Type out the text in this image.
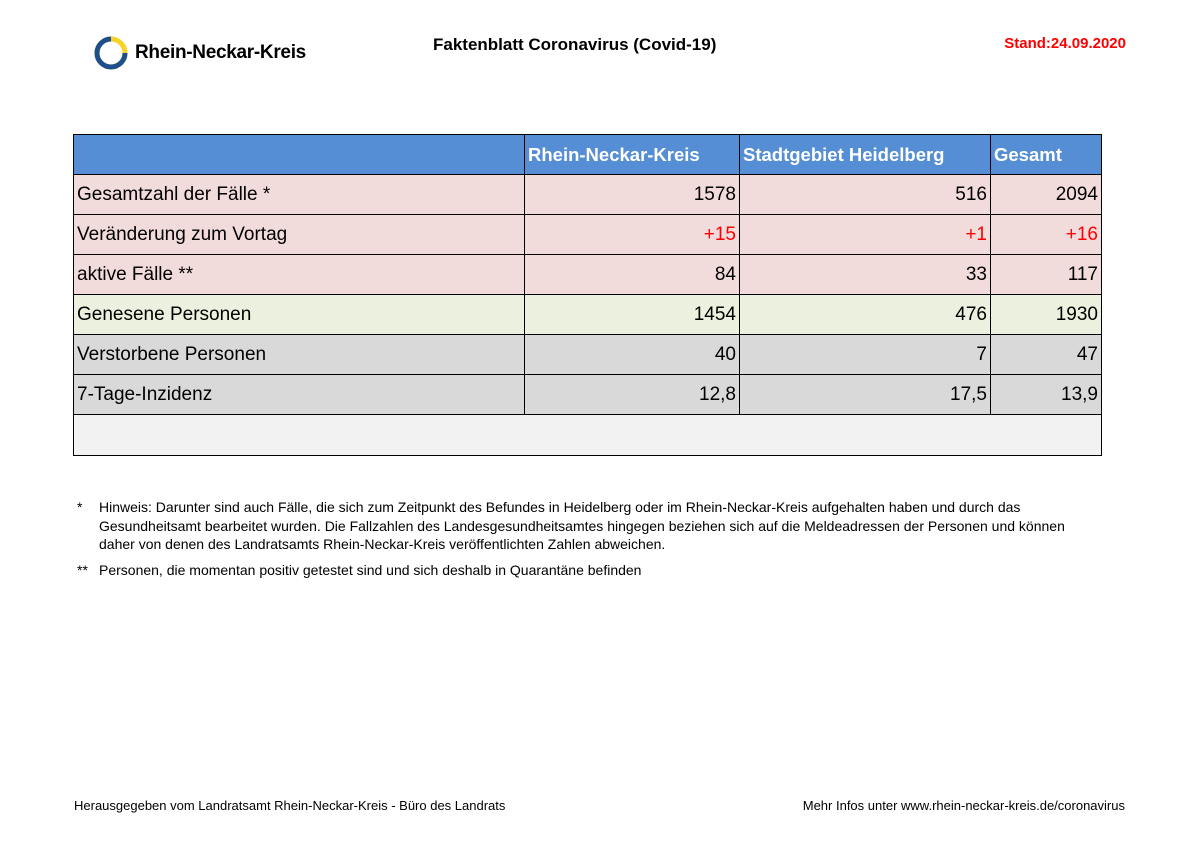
Rhein-Neckar-Kreis	Faktenblatt Coronavirus (Covid-19)	Stand:24.09.2020
	Rhein-Neckar-Kreis	Stadtgebiet Heidelberg	Gesamt
Gesamtzahl der Fälle *	1578	516	2094
Veränderung zum Vortag	+15	+1	+16
aktive Fälle **	84	33	117
Genesene Personen	1454	476	1930
Verstorbene Personen	40	7	47
7-Tage-Inzidenz	12,8	17,5	13,9

*	Hinweis: Darunter sind auch Fälle, die sich zum Zeitpunkt des Befundes in Heidelberg oder im Rhein-Neckar-Kreis aufgehalten haben und durch das Gesundheitsamt bearbeitet wurden. Die Fallzahlen des Landesgesundheitsamtes hingegen beziehen sich auf die Meldeadressen der Personen und können daher von denen des Landratsamts Rhein-Neckar-Kreis veröffentlichten Zahlen abweichen.
** Personen, die momentan positiv getestet sind und sich deshalb in Quarantäne befinden
Herausgegeben vom Landratsamt Rhein-Neckar-Kreis - Büro des Landrats	Mehr Infos unter www.rhein-neckar-kreis.de/coronavirus
